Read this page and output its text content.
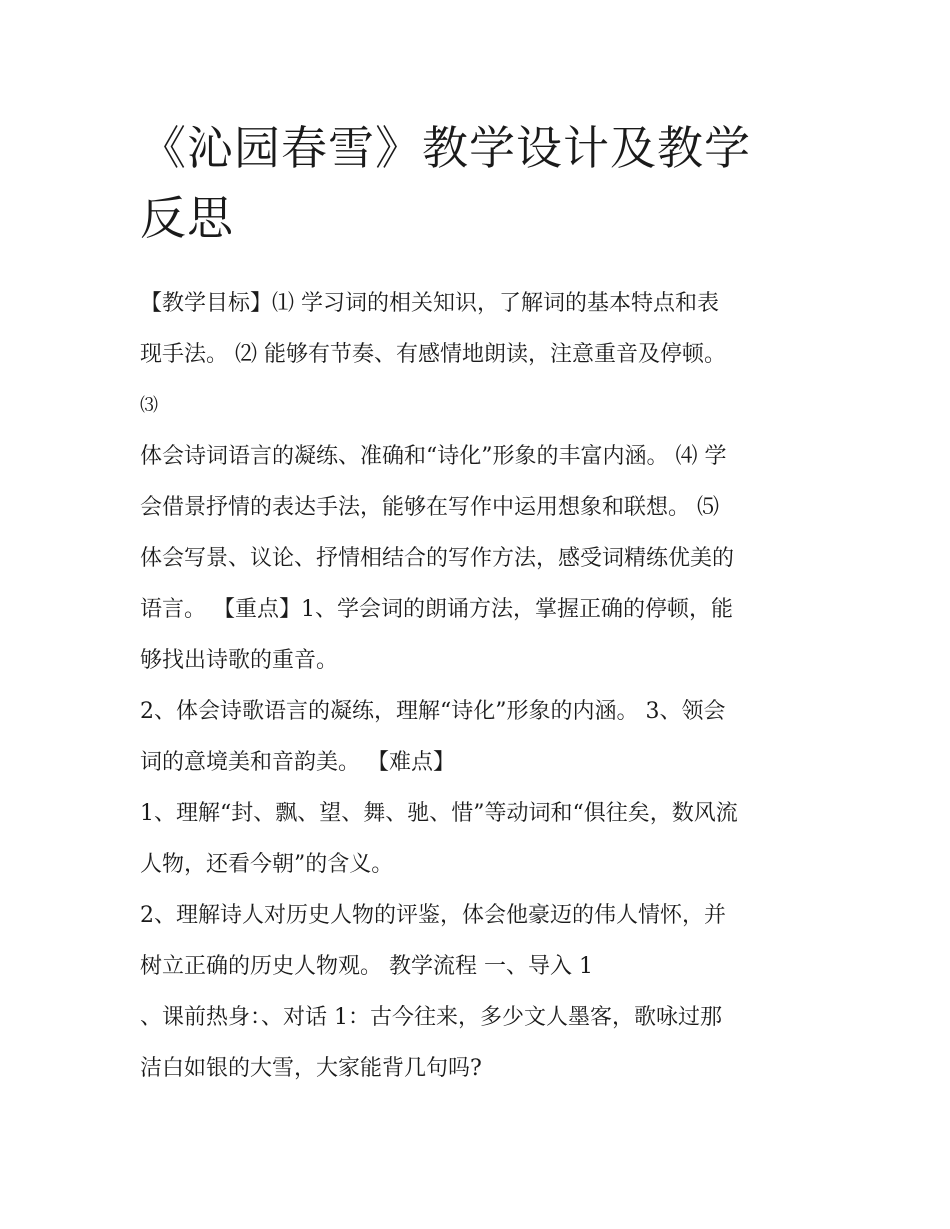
《沁园春雪》教学设计及教学
反思
【教学目标】⑴ 学习词的相关知识，了解词的基本特点和表
现手法。 ⑵ 能够有节奏、有感情地朗读，注意重音及停顿。
⑶
体会诗词语言的凝练、准确和“诗化”形象的丰富内涵。 ⑷ 学
会借景抒情的表达手法，能够在写作中运用想象和联想。 ⑸
体会写景、议论、抒情相结合的写作方法，感受词精练优美的
语言。 【重点】1、学会词的朗诵方法，掌握正确的停顿，能
够找出诗歌的重音。
2、体会诗歌语言的凝练，理解“诗化”形象的内涵。 3、领会
词的意境美和音韵美。 【难点】
1、理解“封、飘、望、舞、驰、惜”等动词和“俱往矣，数风流
人物，还看今朝”的含义。
2、理解诗人对历史人物的评鉴，体会他豪迈的伟人情怀，并
树立正确的历史人物观。 教学流程 一、导入 1
、课前热身：、对话 1：古今往来，多少文人墨客，歌咏过那
洁白如银的大雪，大家能背几句吗?
